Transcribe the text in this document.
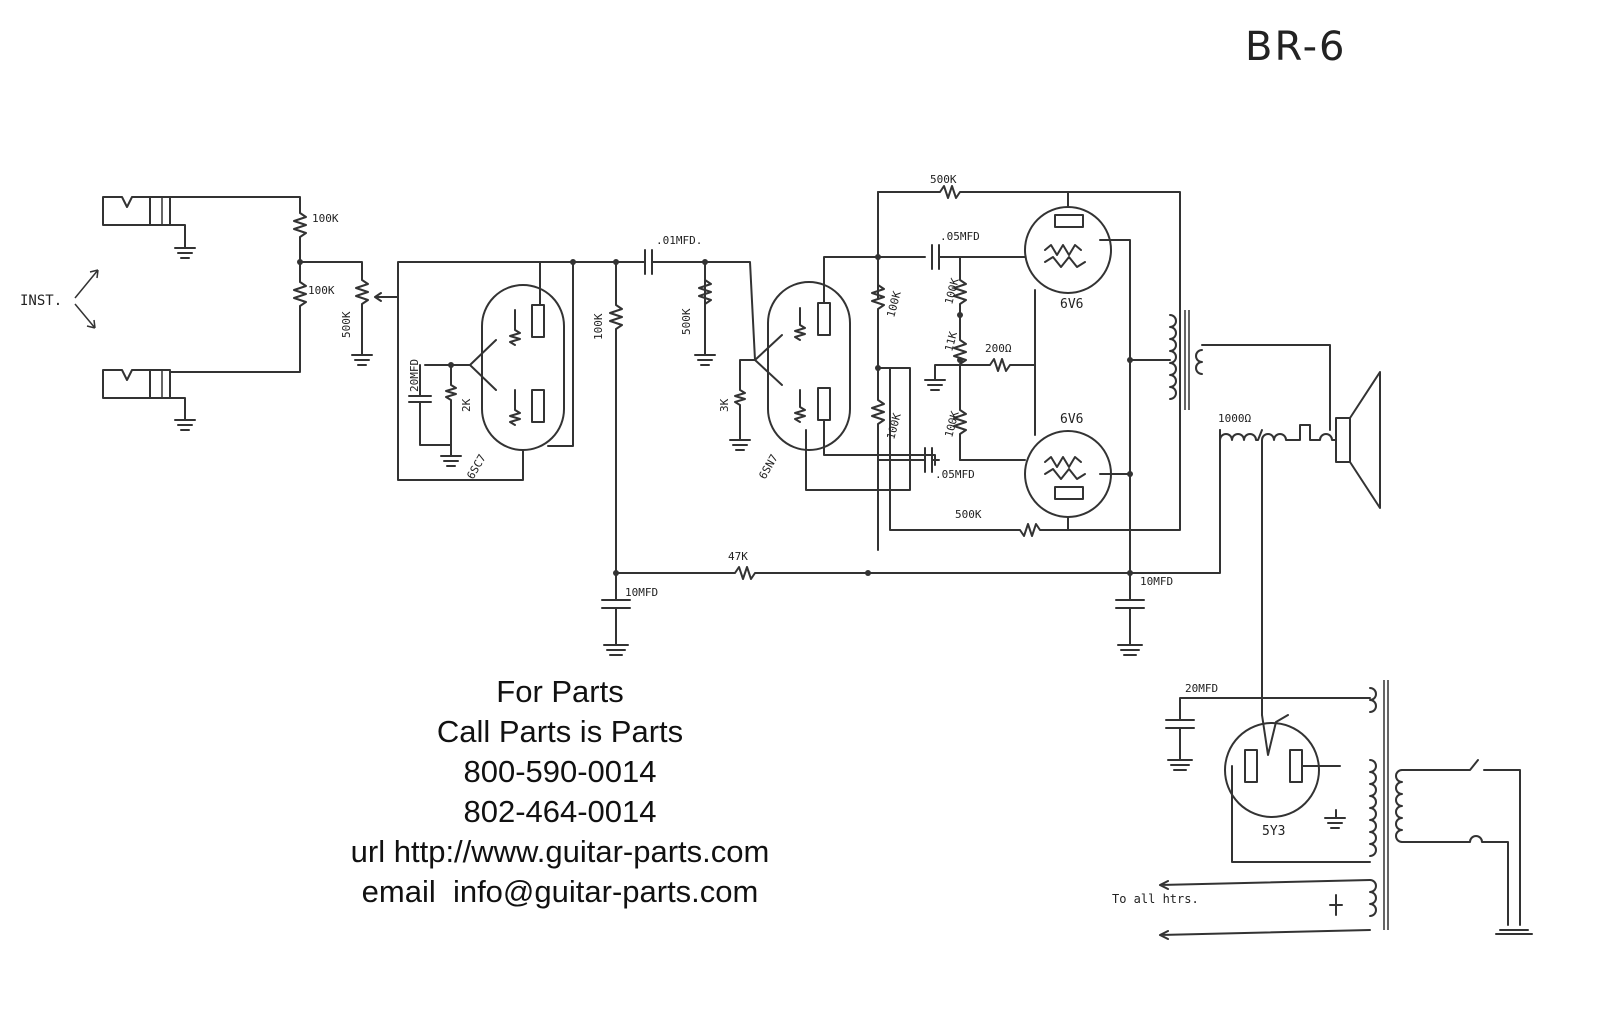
BR-6
INST.
100K
100K
500K
6SC7
20MFD
2K
.01MFD.
500K
100K
3K
6SN7
500K
.05MFD
100K
100K
100K
11K
100K
.05MFD
200Ω
6V6
6V6
500K
47K
10MFD
10MFD
1000Ω
20MFD
5Y3
To all htrs.
For Parts
Call Parts is Parts
800-590-0014
802-464-0014
url http://www.guitar-parts.com
email  info@guitar-parts.com
